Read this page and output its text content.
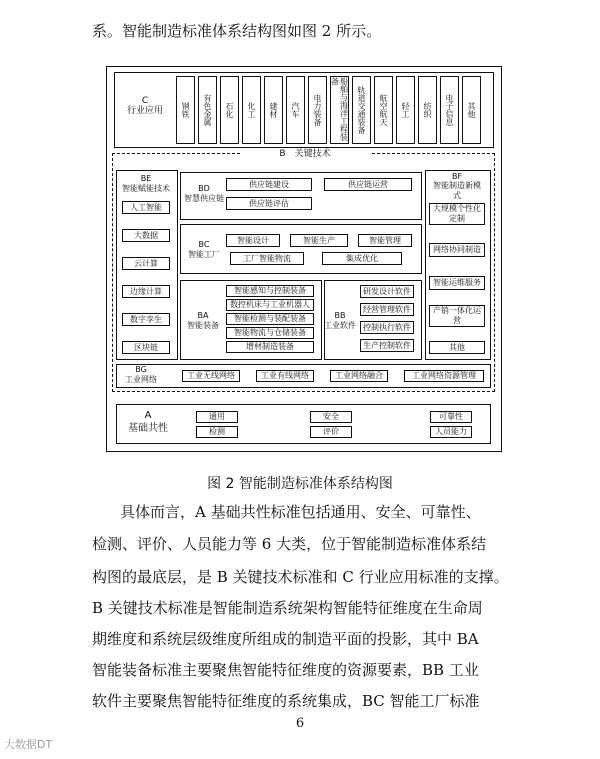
系。智能制造标准体系结构图如图 2 所示。
C
行业应用	钢铁 有色金属 石化 化工 建材 汽车 电力装备	船舶与海洋工程装备
轨道交通装备 航空航天 轻工 纺织 电子信息 其他
B　关键技术
BE
智能赋能技术
人工智能
大数据
云计算
边缘计算
数字孪生
区块链
BD
智慧供应链
供应链建设	供应链运营
供应链评估
BC
智能工厂
智能设计	智能生产	智能管理
工厂智能物流	集成优化
BA
智能装备
智能感知与控制装备
数控机床与工业机器人
智能检测与装配装备
智能物流与仓储装备
增材制造装备
BB
工业软件
研发设计软件
经营管理软件
控制执行软件
生产控制软件
BF
智能制造新模式
大规模个性化定制
网络协同制造
智能运维服务
产销一体化运营
其他
BG
工业网络	工业无线网络	工业有线网络	工业网络融合	工业网络资源管理
A
基础共性
通用	安全	可靠性
检测	评价	人员能力
图 2 智能制造标准体系结构图
具体而言，A 基础共性标准包括通用、安全、可靠性、
检测、评价、人员能力等 6 大类，位于智能制造标准体系结
构图的最底层，是 B 关键技术标准和 C 行业应用标准的支撑。
B 关键技术标准是智能制造系统架构智能特征维度在生命周
期维度和系统层级维度所组成的制造平面的投影，其中 BA
智能装备标准主要聚焦智能特征维度的资源要素，BB 工业
软件主要聚焦智能特征维度的系统集成，BC 智能工厂标准
6
大数据DT
